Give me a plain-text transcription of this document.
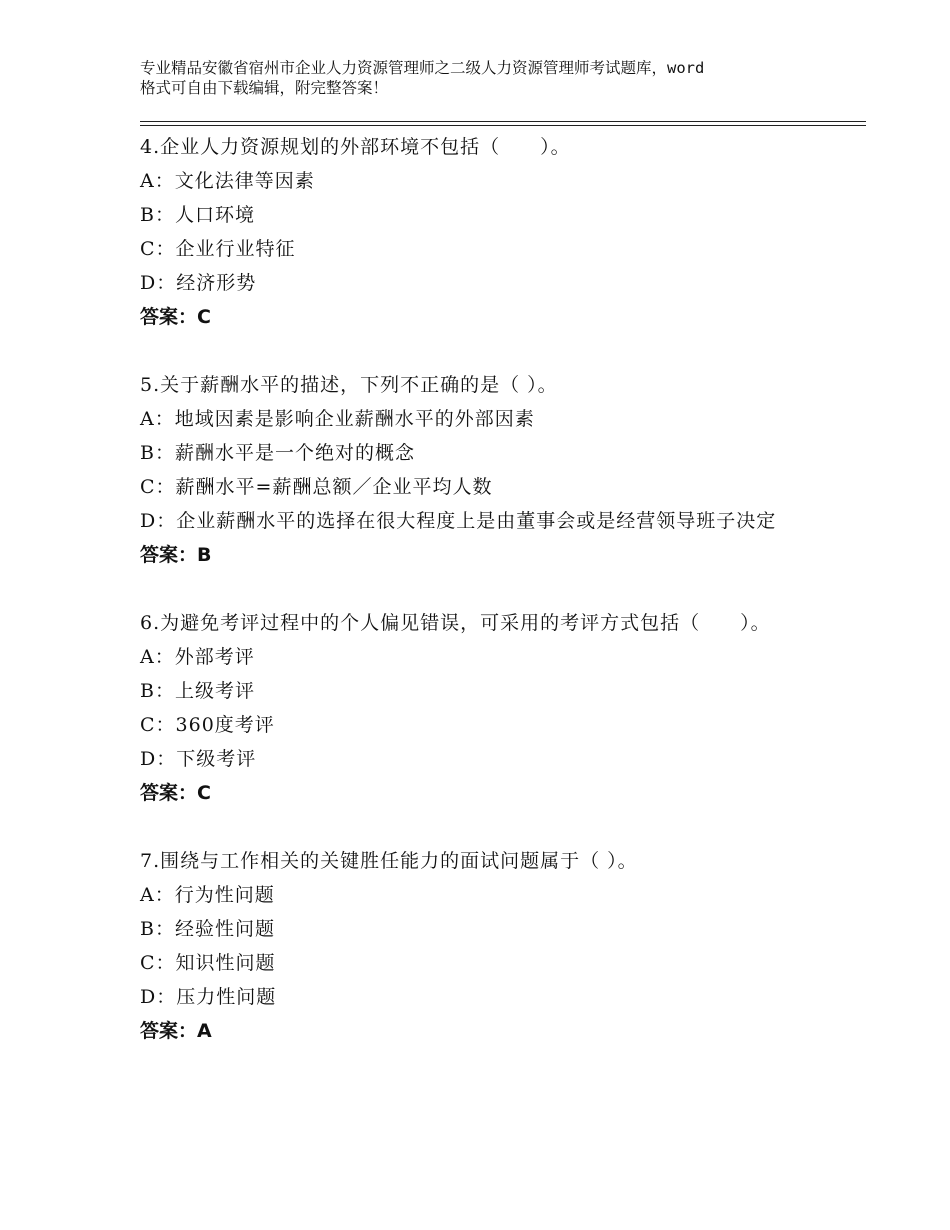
专业精品安徽省宿州市企业人力资源管理师之二级人力资源管理师考试题库，word
格式可自由下载编辑，附完整答案！

4.企业人力资源规划的外部环境不包括（　　）。

A：文化法律等因素

B：人口环境

C：企业行业特征

D：经济形势

答案：C

5.关于薪酬水平的描述，下列不正确的是（ ）。

A：地域因素是影响企业薪酬水平的外部因素

B：薪酬水平是一个绝对的概念

C：薪酬水平=薪酬总额／企业平均人数

D：企业薪酬水平的选择在很大程度上是由董事会或是经营领导班子决定

答案：B

6.为避免考评过程中的个人偏见错误，可采用的考评方式包括（　　）。

A：外部考评

B：上级考评

C：360度考评

D：下级考评

答案：C

7.围绕与工作相关的关键胜任能力的面试问题属于（ ）。

A：行为性问题

B：经验性问题

C：知识性问题

D：压力性问题

答案：A
